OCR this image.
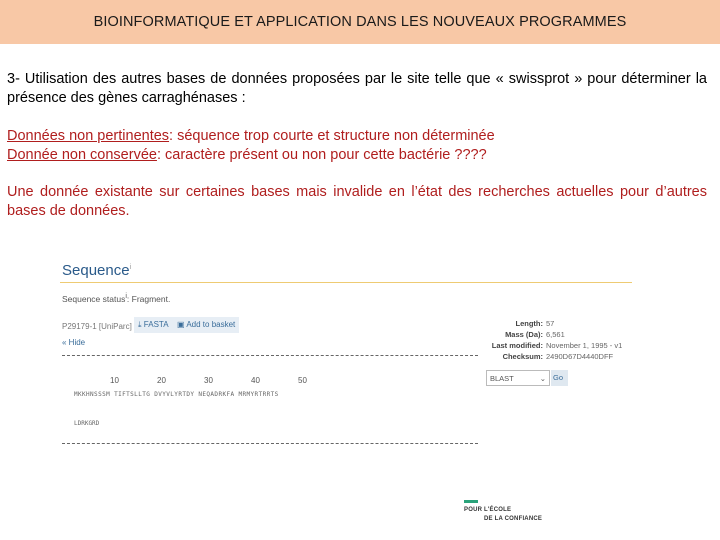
BIOINFORMATIQUE ET APPLICATION DANS LES NOUVEAUX PROGRAMMES
3- Utilisation des autres bases de données proposées par le site telle que « swissprot » pour déterminer la présence des gènes carraghénases :
Données non pertinentes: séquence trop courte et structure non déterminée
Donnée non conservée: caractère présent ou non pour cette bactérie ????
Une donnée existante sur certaines bases mais invalide en l’état des recherches actuelles pour d’autres bases de données.
Sequence$^i$
Sequence status$^i$: Fragment.
P29179-1 [UniParc] ⤓ FASTA	▣ Add to basket
« Hide
10	20	30	40	50
MKKHNSSSM TIFTSLLTG DVYVLYRTDY NEQADRKFA MRMYRTRRTS
LDRKGRD
Length: 57
Mass (Da): 6,561
Last modified: November 1, 1995 - v1
Checksum: 2490D67D4440DFF
BLAST	⌄ Go
POUR L'ÉCOLE
DE LA CONFIANCE
